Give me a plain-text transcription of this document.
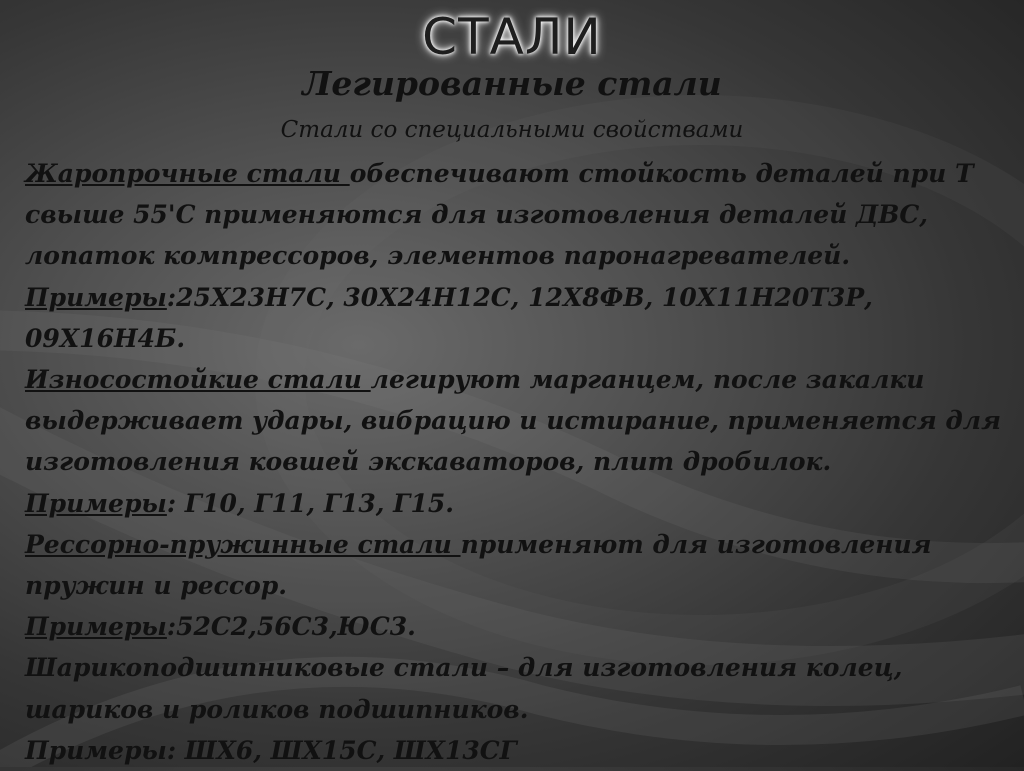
СТАЛИ
Легированные стали
Стали со специальными свойствами

Жаропрочные стали обеспечивают стойкость деталей при Т свыше 55'С применяются для изготовления деталей ДВС, лопаток компрессоров, элементов паронагревателей.

Примеры:25Х23Н7С, 30Х24Н12С, 12Х8ФВ, 10Х11Н20Т3Р, 09Х16Н4Б.

Износостойкие стали легируют марганцем, после закалки выдерживает удары, вибрацию и истирание, применяется для изготовления ковшей экскаваторов, плит дробилок.

Примеры: Г10, Г11, Г13, Г15.

Рессорно-пружинные стали применяют для изготовления пружин и рессор.

Примеры:52С2,56С3,ЮС3.

Шарикоподшипниковые стали – для изготовления колец, шариков и роликов подшипников.

Примеры: ШХ6, ШХ15С, ШХ13СГ
